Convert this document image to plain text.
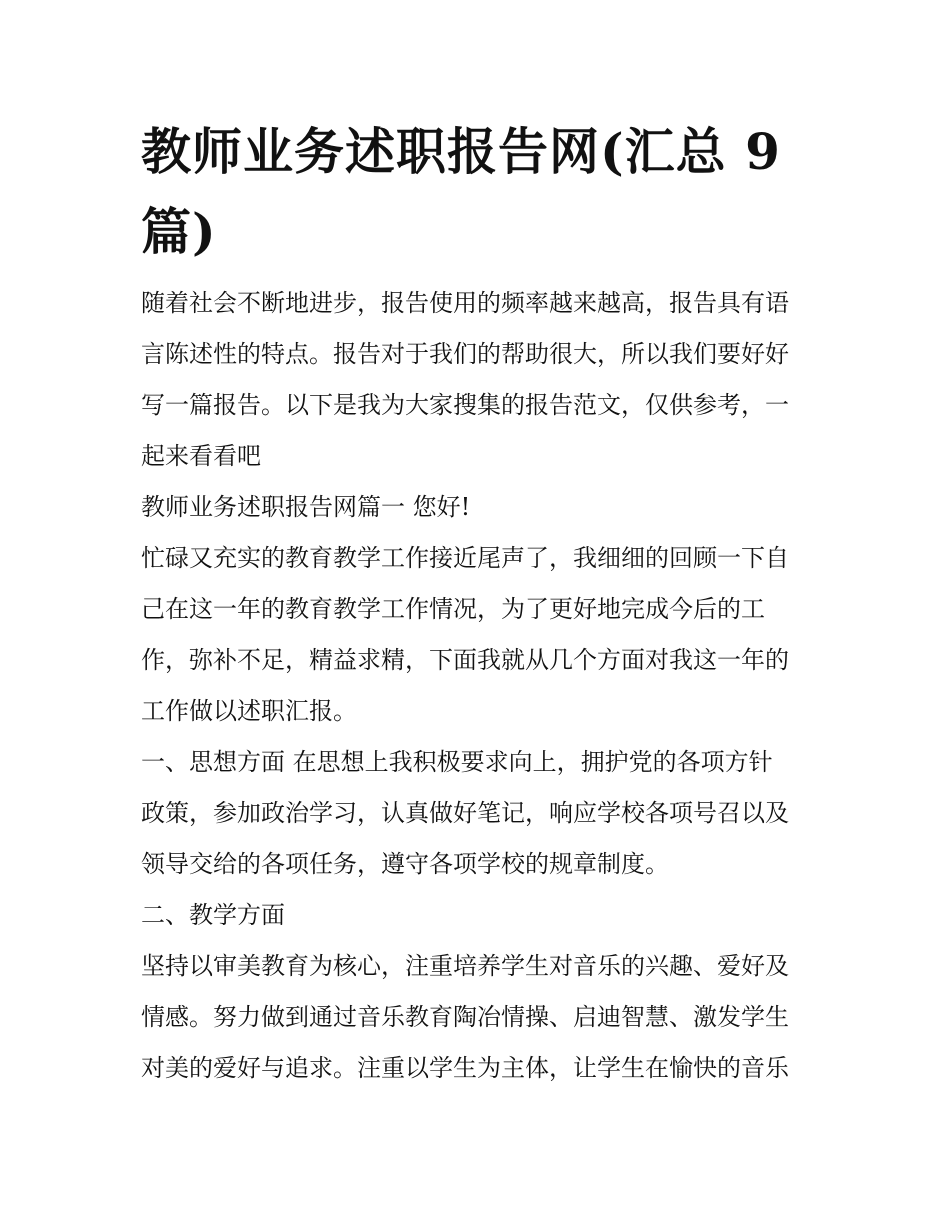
教师业务述职报告网(汇总 9
篇)

随着社会不断地进步，报告使用的频率越来越高，报告具有语

言陈述性的特点。报告对于我们的帮助很大，所以我们要好好

写一篇报告。以下是我为大家搜集的报告范文，仅供参考，一

起来看看吧

教师业务述职报告网篇一 您好!

忙碌又充实的教育教学工作接近尾声了，我细细的回顾一下自

己在这一年的教育教学工作情况，为了更好地完成今后的工

作，弥补不足，精益求精，下面我就从几个方面对我这一年的

工作做以述职汇报。

一、思想方面 在思想上我积极要求向上，拥护党的各项方针

政策，参加政治学习，认真做好笔记，响应学校各项号召以及

领导交给的各项任务，遵守各项学校的规章制度。

二、教学方面

坚持以审美教育为核心，注重培养学生对音乐的兴趣、爱好及

情感。努力做到通过音乐教育陶冶情操、启迪智慧、激发学生

对美的爱好与追求。注重以学生为主体，让学生在愉快的音乐
